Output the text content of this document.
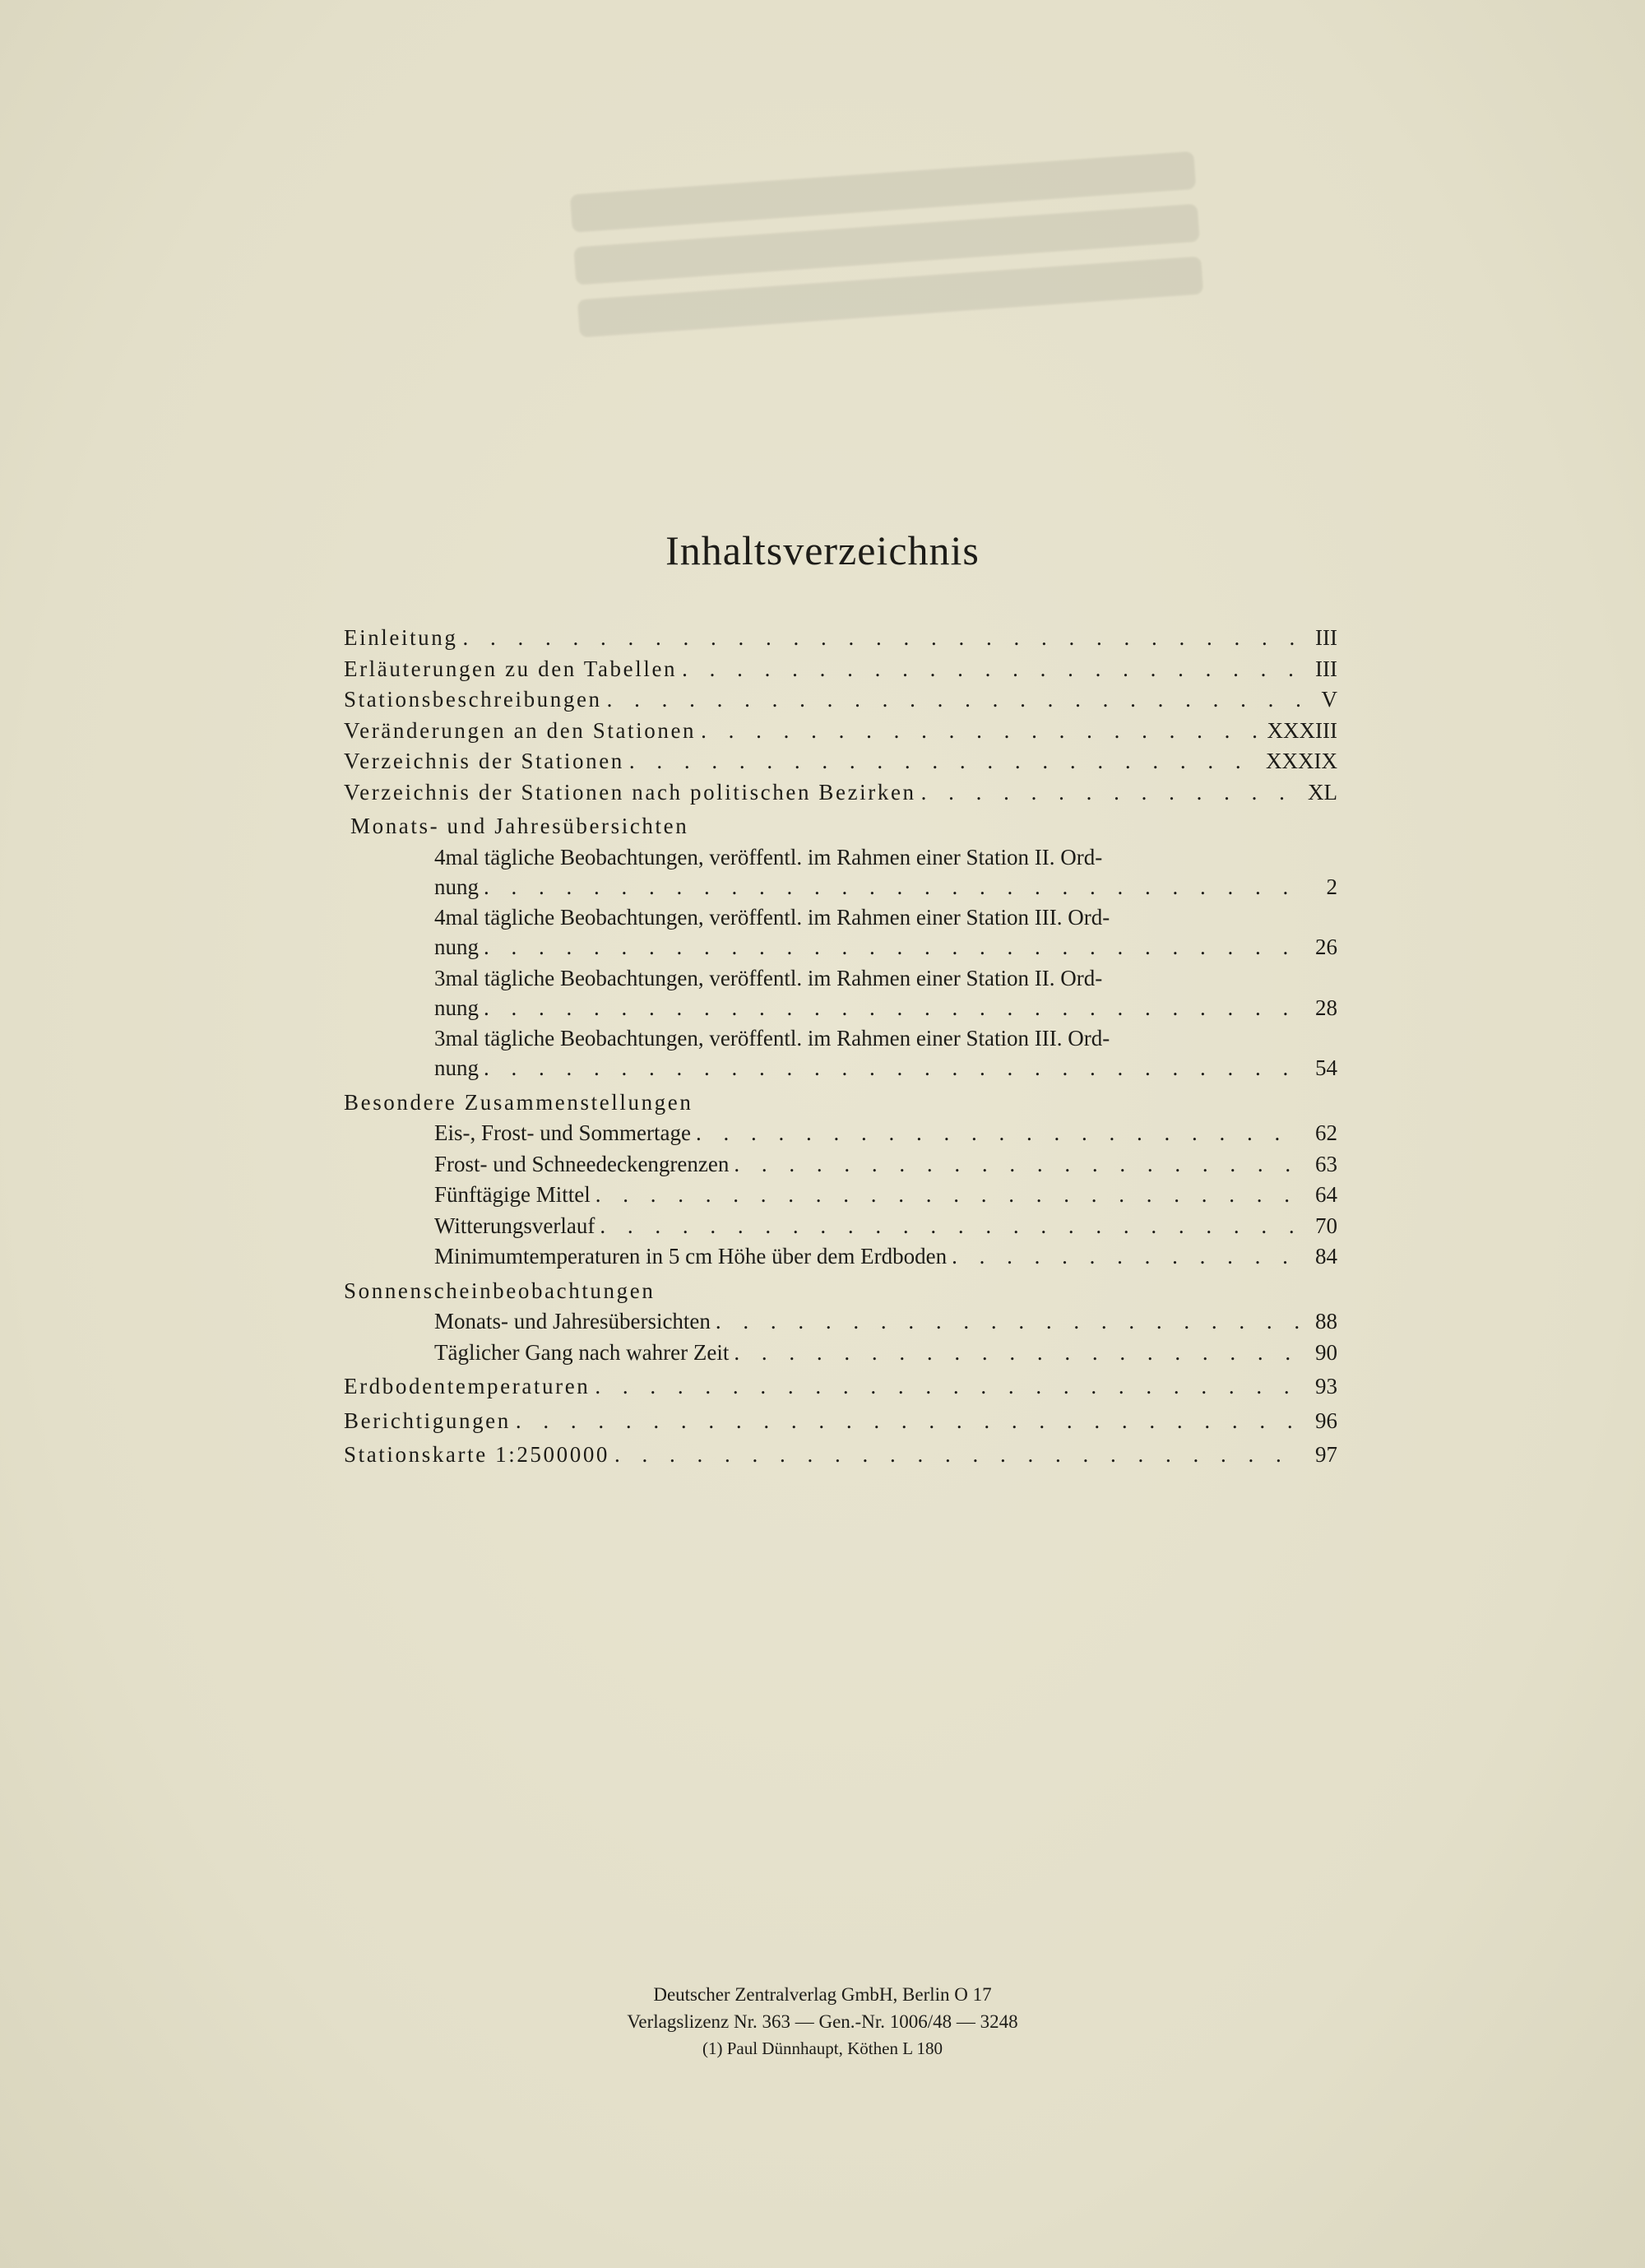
Inhaltsverzeichnis
Einleitung . . .	III
Erläuterungen zu den Tabellen . . .	III
Stationsbeschreibungen . . .	V
Veränderungen an den Stationen . . .	XXXIII
Verzeichnis der Stationen . . .	XXXIX
Verzeichnis der Stationen nach politischen Bezirken . . .	XL
Monats- und Jahresübersichten
4mal tägliche Beobachtungen, veröffentl. im Rahmen einer Station II. Ord-
nung . . .	2
4mal tägliche Beobachtungen, veröffentl. im Rahmen einer Station III. Ord-
nung . . .	26
3mal tägliche Beobachtungen, veröffentl. im Rahmen einer Station II. Ord-
nung . . .	28
3mal tägliche Beobachtungen, veröffentl. im Rahmen einer Station III. Ord-
nung . . .	54
Besondere Zusammenstellungen
Eis-, Frost- und Sommertage . . .	62
Frost- und Schneedeckengrenzen . . .	63
Fünftägige Mittel . . .	64
Witterungsverlauf . . .	70
Minimumtemperaturen in 5 cm Höhe über dem Erdboden . . .	84
Sonnenscheinbeobachtungen
Monats- und Jahresübersichten . . .	88
Täglicher Gang nach wahrer Zeit . . .	90
Erdbodentemperaturen . . .	93
Berichtigungen . . .	96
Stationskarte 1:2500000 . . .	97
Deutscher Zentralverlag GmbH, Berlin O 17
Verlagslizenz Nr. 363 — Gen.-Nr. 1006/48 — 3248
(1) Paul Dünnhaupt, Köthen L 180
